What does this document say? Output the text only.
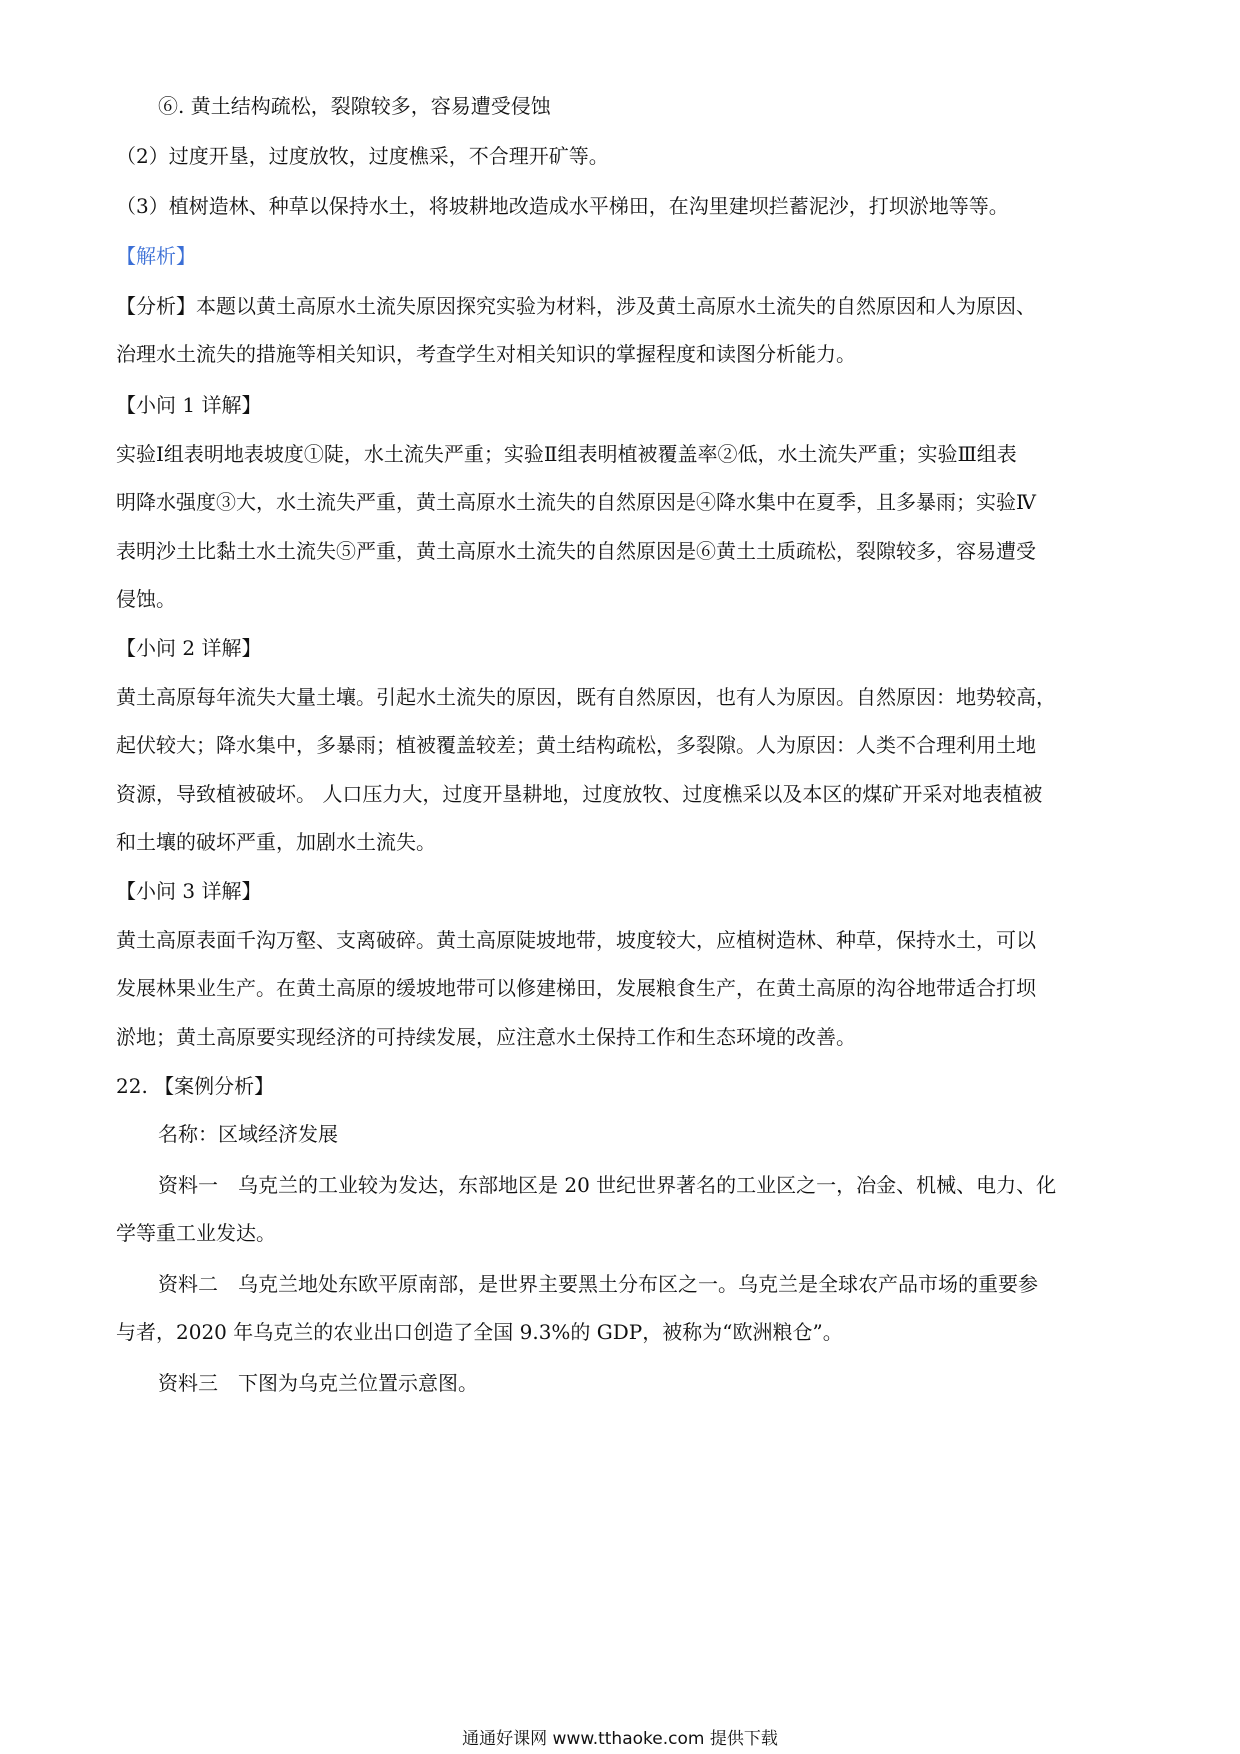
⑥. 黄土结构疏松，裂隙较多，容易遭受侵蚀
（2）过度开垦，过度放牧，过度樵采，不合理开矿等。
（3）植树造林、种草以保持水土，将坡耕地改造成水平梯田，在沟里建坝拦蓄泥沙，打坝淤地等等。
【解析】
【分析】本题以黄土高原水土流失原因探究实验为材料，涉及黄土高原水土流失的自然原因和人为原因、
治理水土流失的措施等相关知识，考查学生对相关知识的掌握程度和读图分析能力。
【小问 1 详解】
实验Ⅰ组表明地表坡度①陡，水土流失严重；实验Ⅱ组表明植被覆盖率②低，水土流失严重；实验Ⅲ组表
明降水强度③大，水土流失严重，黄土高原水土流失的自然原因是④降水集中在夏季，且多暴雨；实验Ⅳ
表明沙土比黏土水土流失⑤严重，黄土高原水土流失的自然原因是⑥黄土土质疏松，裂隙较多，容易遭受
侵蚀。
【小问 2 详解】
黄土高原每年流失大量土壤。引起水土流失的原因，既有自然原因，也有人为原因。自然原因：地势较高，
起伏较大；降水集中，多暴雨；植被覆盖较差；黄土结构疏松，多裂隙。人为原因：人类不合理利用土地
资源，导致植被破坏。 人口压力大，过度开垦耕地，过度放牧、过度樵采以及本区的煤矿开采对地表植被
和土壤的破坏严重，加剧水土流失。
【小问 3 详解】
黄土高原表面千沟万壑、支离破碎。黄土高原陡坡地带，坡度较大，应植树造林、种草，保持水土，可以
发展林果业生产。在黄土高原的缓坡地带可以修建梯田，发展粮食生产，在黄土高原的沟谷地带适合打坝
淤地；黄土高原要实现经济的可持续发展，应注意水土保持工作和生态环境的改善。
22. 【案例分析】
名称：区域经济发展
资料一　乌克兰的工业较为发达，东部地区是 20 世纪世界著名的工业区之一，冶金、机械、电力、化
学等重工业发达。
资料二　乌克兰地处东欧平原南部，是世界主要黑土分布区之一。乌克兰是全球农产品市场的重要参
与者，2020 年乌克兰的农业出口创造了全国 9.3%的 GDP，被称为“欧洲粮仓”。
资料三　下图为乌克兰位置示意图。
通通好课网 www.tthaoke.com 提供下载
